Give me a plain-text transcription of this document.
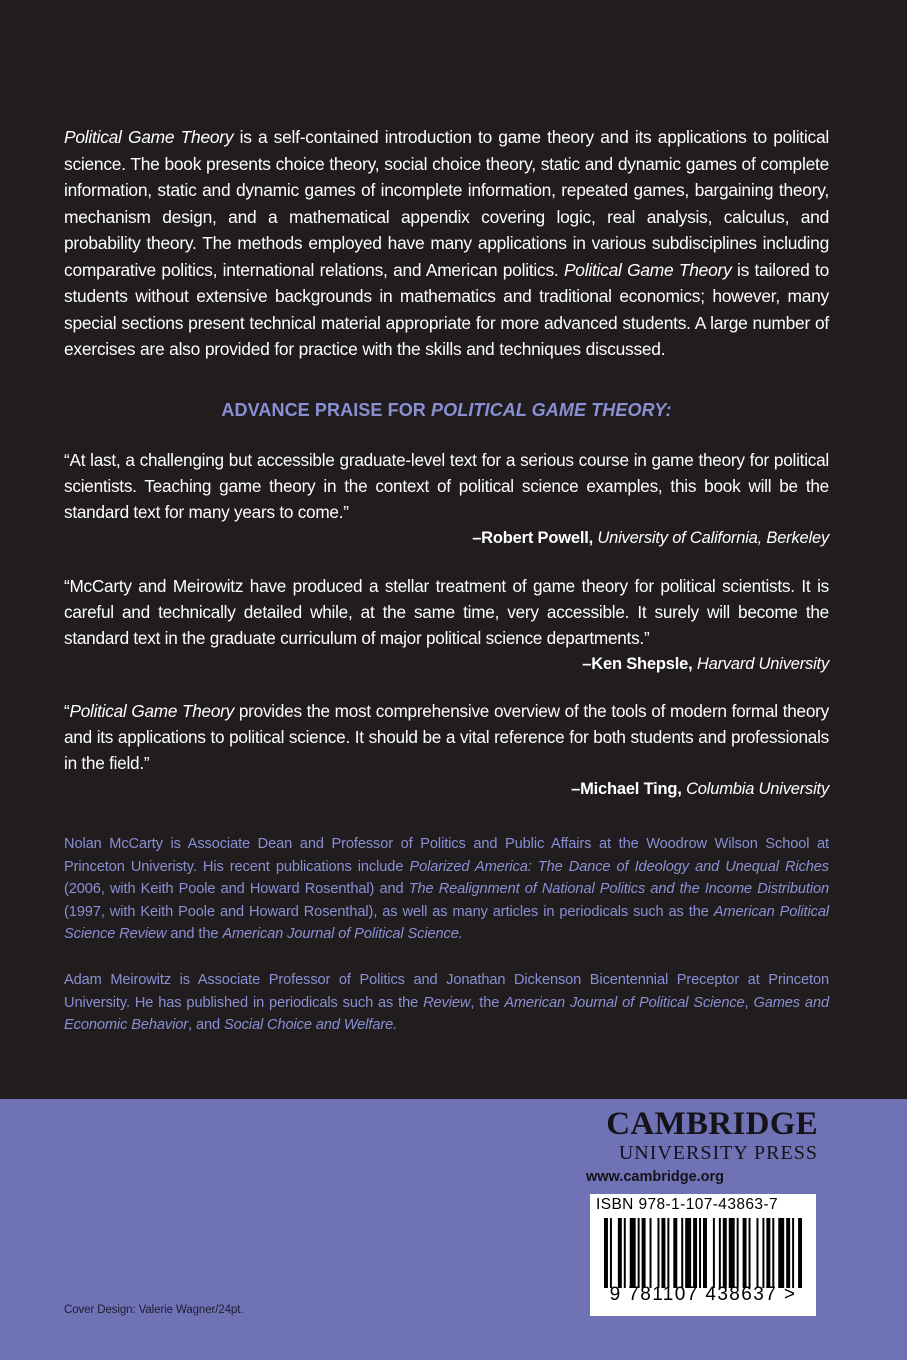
Political Game Theory is a self-contained introduction to game theory and its applications to political science. The book presents choice theory, social choice theory, static and dynamic games of complete information, static and dynamic games of incomplete information, repeated games, bargaining theory, mechanism design, and a mathematical appendix covering logic, real analysis, calculus, and probability theory. The methods employed have many applications in various subdisciplines including comparative politics, international relations, and American politics. Political Game Theory is tailored to students without extensive backgrounds in mathematics and traditional economics; however, many special sections present technical material appropriate for more advanced students. A large number of exercises are also provided for practice with the skills and techniques discussed.

ADVANCE PRAISE FOR POLITICAL GAME THEORY:

“At last, a challenging but accessible graduate-level text for a serious course in game theory for political scientists. Teaching game theory in the context of political science examples, this book will be the standard text for many years to come.”

–Robert Powell, University of California, Berkeley

“McCarty and Meirowitz have produced a stellar treatment of game theory for political scientists. It is careful and technically detailed while, at the same time, very accessible. It surely will become the standard text in the graduate curriculum of major political science departments.”

–Ken Shepsle, Harvard University

“Political Game Theory provides the most comprehensive overview of the tools of modern formal theory and its applications to political science. It should be a vital reference for both students and professionals in the field.”

–Michael Ting, Columbia University

Nolan McCarty is Associate Dean and Professor of Politics and Public Affairs at the Woodrow Wilson School at Princeton Univeristy. His recent publications include Polarized America: The Dance of Ideology and Unequal Riches (2006, with Keith Poole and Howard Rosenthal) and The Realignment of National Politics and the Income Distribution (1997, with Keith Poole and Howard Rosenthal), as well as many articles in periodicals such as the American Political Science Review and the American Journal of Political Science.

Adam Meirowitz is Associate Professor of Politics and Jonathan Dickenson Bicentennial Preceptor at Princeton University. He has published in periodicals such as the Review, the American Journal of Political Science, Games and Economic Behavior, and Social Choice and Welfare.

CAMBRIDGE
UNIVERSITY PRESS
www.cambridge.org
ISBN 978-1-107-43863-7
9 781107 438637 >
Cover Design: Valerie Wagner/24pt.
